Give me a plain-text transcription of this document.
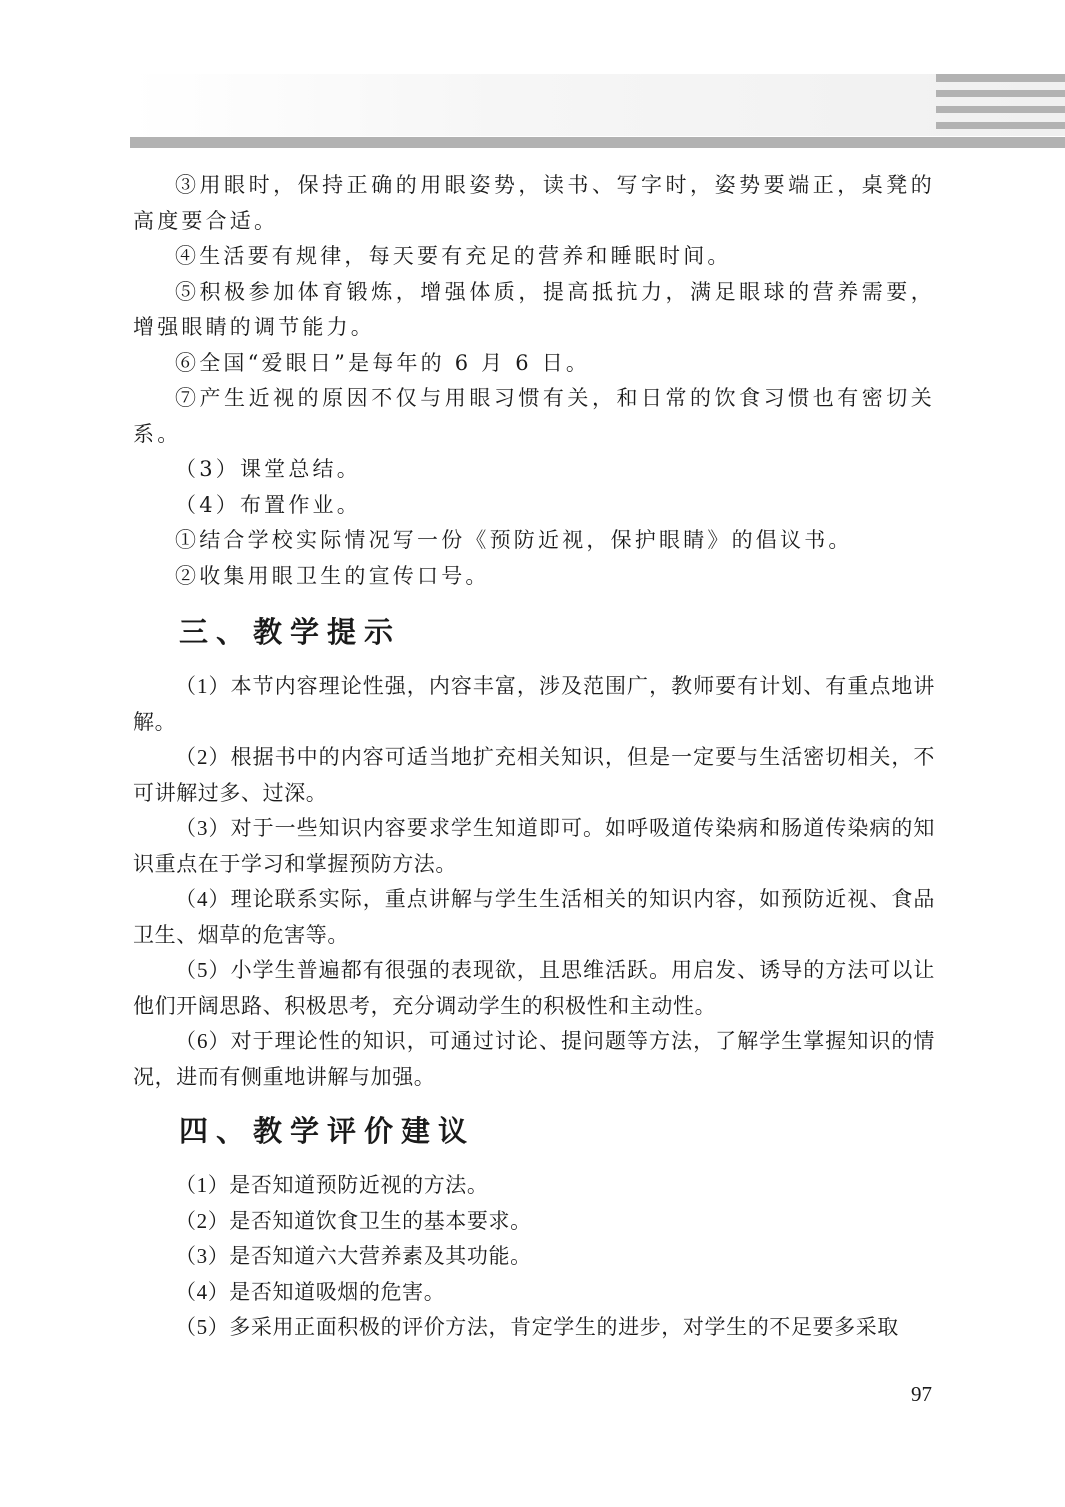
③用眼时，保持正确的用眼姿势，读书、写字时，姿势要端正，桌凳的高度要合适。

④生活要有规律，每天要有充足的营养和睡眠时间。

⑤积极参加体育锻炼，增强体质，提高抵抗力，满足眼球的营养需要，增强眼睛的调节能力。

⑥全国“爱眼日”是每年的 6 月 6 日。

⑦产生近视的原因不仅与用眼习惯有关，和日常的饮食习惯也有密切关系。

（3）课堂总结。

（4）布置作业。

①结合学校实际情况写一份《预防近视，保护眼睛》的倡议书。

②收集用眼卫生的宣传口号。

三、教学提示

（1）本节内容理论性强，内容丰富，涉及范围广，教师要有计划、有重点地讲解。

（2）根据书中的内容可适当地扩充相关知识，但是一定要与生活密切相关，不可讲解过多、过深。

（3）对于一些知识内容要求学生知道即可。如呼吸道传染病和肠道传染病的知识重点在于学习和掌握预防方法。

（4）理论联系实际，重点讲解与学生生活相关的知识内容，如预防近视、食品卫生、烟草的危害等。

（5）小学生普遍都有很强的表现欲，且思维活跃。用启发、诱导的方法可以让他们开阔思路、积极思考，充分调动学生的积极性和主动性。

（6）对于理论性的知识，可通过讨论、提问题等方法，了解学生掌握知识的情况，进而有侧重地讲解与加强。

四、教学评价建议

（1）是否知道预防近视的方法。

（2）是否知道饮食卫生的基本要求。

（3）是否知道六大营养素及其功能。

（4）是否知道吸烟的危害。

（5）多采用正面积极的评价方法，肯定学生的进步，对学生的不足要多采取

97
